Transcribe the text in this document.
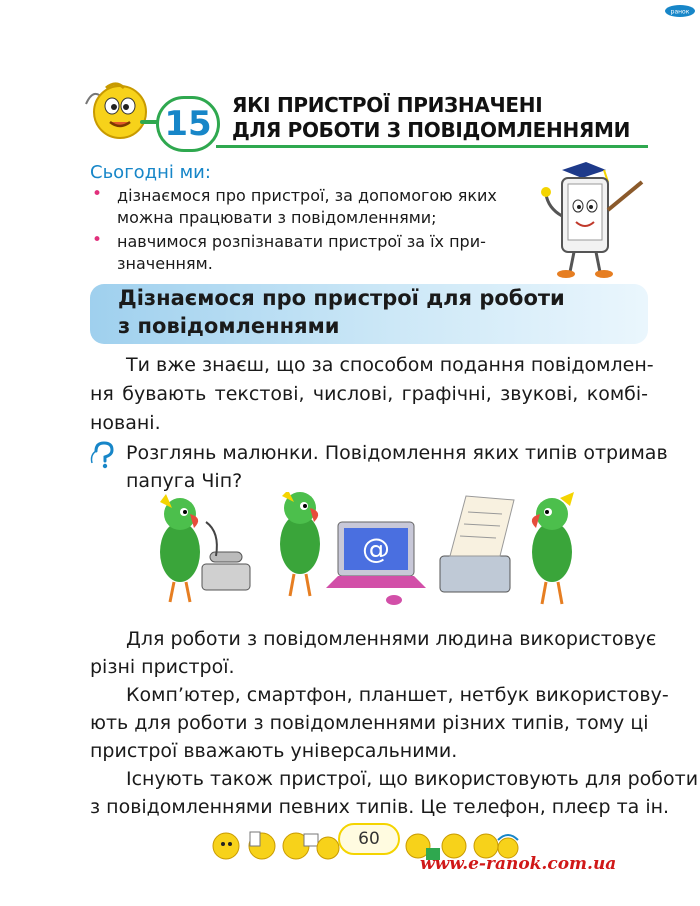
ранок
15	ЯКІ ПРИСТРОЇ ПРИЗНАЧЕНІ
ДЛЯ РОБОТИ З ПОВІДОМЛЕННЯМИ
Сьогодні ми:
• дізнаємося про пристрої, за допомогою яких
можна працювати з повідомленнями;
• навчимося розпізнавати пристрої за їх при-
значенням.
Дізнаємося про пристрої для роботи
з повідомленнями
Ти вже знаєш, що за способом подання повідомлен-
ня бувають текстові, числові, графічні, звукові, комбі-
новані.
Розглянь малюнки. Повідомлення яких типів отримав
папуга Чіп?
@
Для роботи з повідомленнями людина використовує
різні пристрої.
Комп’ютер, смартфон, планшет, нетбук використову-
ють для роботи з повідомленнями різних типів, тому ці
пристрої вважають універсальними.
Існують також пристрої, що використовують для роботи
з повідомленнями певних типів. Це телефон, плеєр та ін.
60
www.e-ranok.com.ua
